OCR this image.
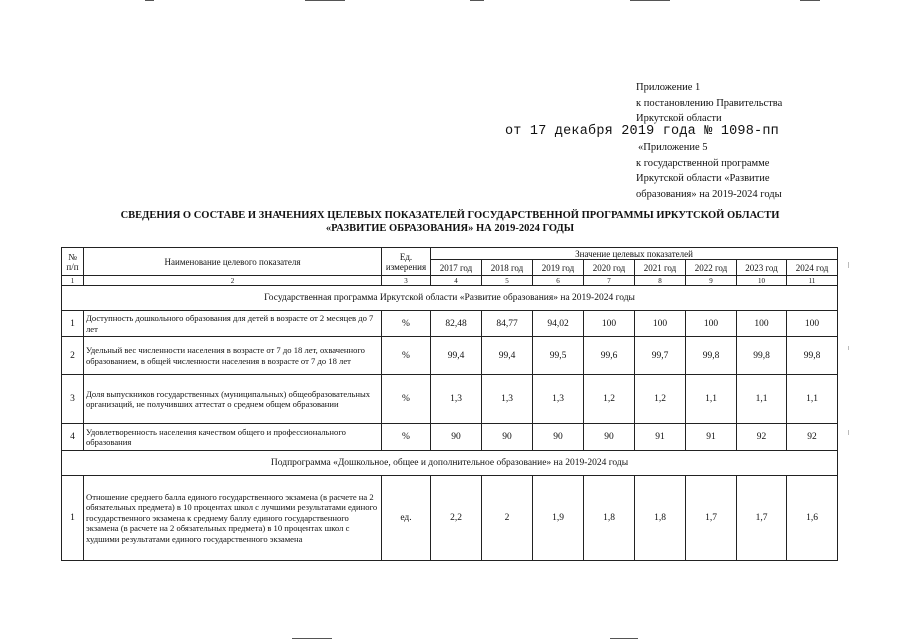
Приложение 1
к постановлению Правительства
Иркутской области
от 17 декабря 2019 года № 1098-пп
«Приложение 5
к государственной программе
Иркутской области «Развитие
образования» на 2019-2024 годы
СВЕДЕНИЯ О СОСТАВЕ И ЗНАЧЕНИЯХ ЦЕЛЕВЫХ ПОКАЗАТЕЛЕЙ ГОСУДАРСТВЕННОЙ ПРОГРАММЫ ИРКУТСКОЙ ОБЛАСТИ
«РАЗВИТИЕ ОБРАЗОВАНИЯ» НА 2019-2024 ГОДЫ
№ п/п	Наименование целевого показателя	Ед. измерения	Значение целевых показателей							
			2017 год	2018 год	2019 год	2020 год	2021 год	2022 год	2023 год	2024 год
1	2	3	4	5	6	7	8	9	10	11
Государственная программа Иркутской области «Развитие образования» на 2019-2024 годы										
1	Доступность дошкольного образования для детей в возрасте от 2 месяцев до 7 лет	%	82,48	84,77	94,02	100	100	100	100	100
2	Удельный вес численности населения в возрасте от 7 до 18 лет, охваченного образованием, в общей численности населения в возрасте от 7 до 18 лет	%	99,4	99,4	99,5	99,6	99,7	99,8	99,8	99,8
3	Доля выпускников государственных (муниципальных) общеобразовательных организаций, не получивших аттестат о среднем общем образовании	%	1,3	1,3	1,3	1,2	1,2	1,1	1,1	1,1
4	Удовлетворенность населения качеством общего и профессионального образования	%	90	90	90	90	91	91	92	92
Подпрограмма «Дошкольное, общее и дополнительное образование» на 2019-2024 годы										
1	Отношение среднего балла единого государственного экзамена (в расчете на 2 обязательных предмета) в 10 процентах школ с лучшими результатами единого государственного экзамена к среднему баллу единого государственного экзамена (в расчете на 2 обязательных предмета) в 10 процентах школ с худшими результатами единого государственного экзамена	ед.	2,2	2	1,9	1,8	1,8	1,7	1,7	1,6
